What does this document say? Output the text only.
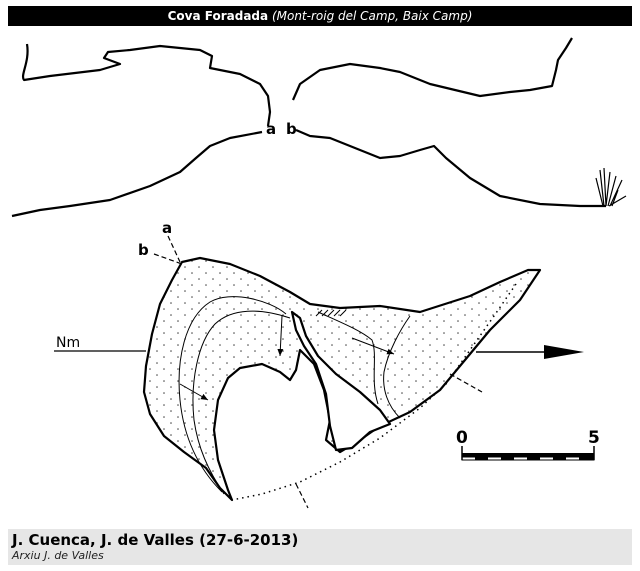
Cova Foradada (Mont-roig del Camp, Baix Camp)
a b
a
b
Nm
0	5
J. Cuenca, J. de Valles (27-6-2013)
Arxiu J. de Valles
